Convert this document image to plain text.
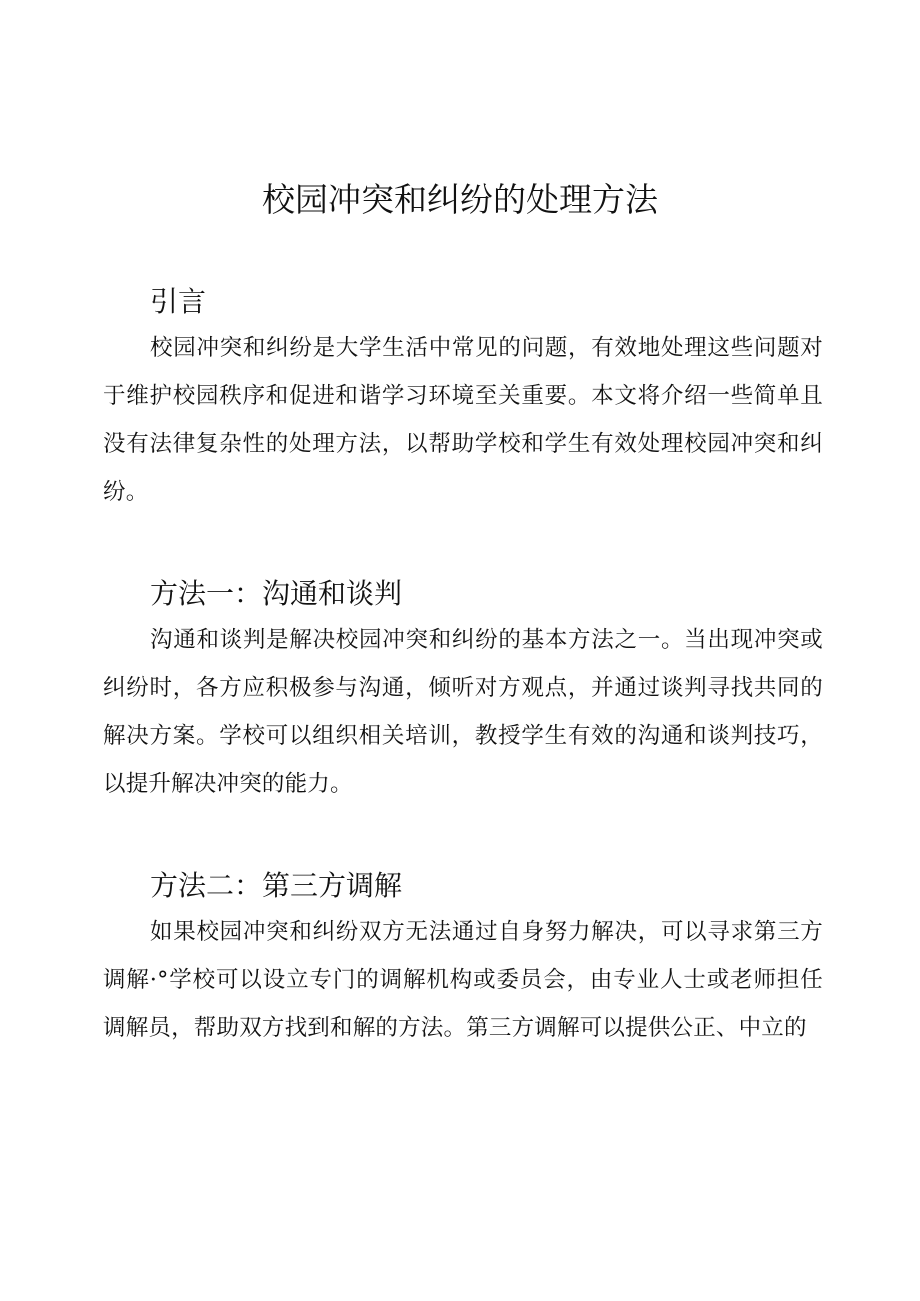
校园冲突和纠纷的处理方法
引言

校园冲突和纠纷是大学生活中常见的问题，有效地处理这些问题对于维护校园秩序和促进和谐学习环境至关重要。本文将介绍一些简单且没有法律复杂性的处理方法，以帮助学校和学生有效处理校园冲突和纠纷。

方法一：沟通和谈判

沟通和谈判是解决校园冲突和纠纷的基本方法之一。当出现冲突或纠纷时，各方应积极参与沟通，倾听对方观点，并通过谈判寻找共同的解决方案。学校可以组织相关培训，教授学生有效的沟通和谈判技巧，以提升解决冲突的能力。

方法二：第三方调解

如果校园冲突和纠纷双方无法通过自身努力解决，可以寻求第三方调解·°学校可以设立专门的调解机构或委员会，由专业人士或老师担任调解员，帮助双方找到和解的方法。第三方调解可以提供公正、中立的
